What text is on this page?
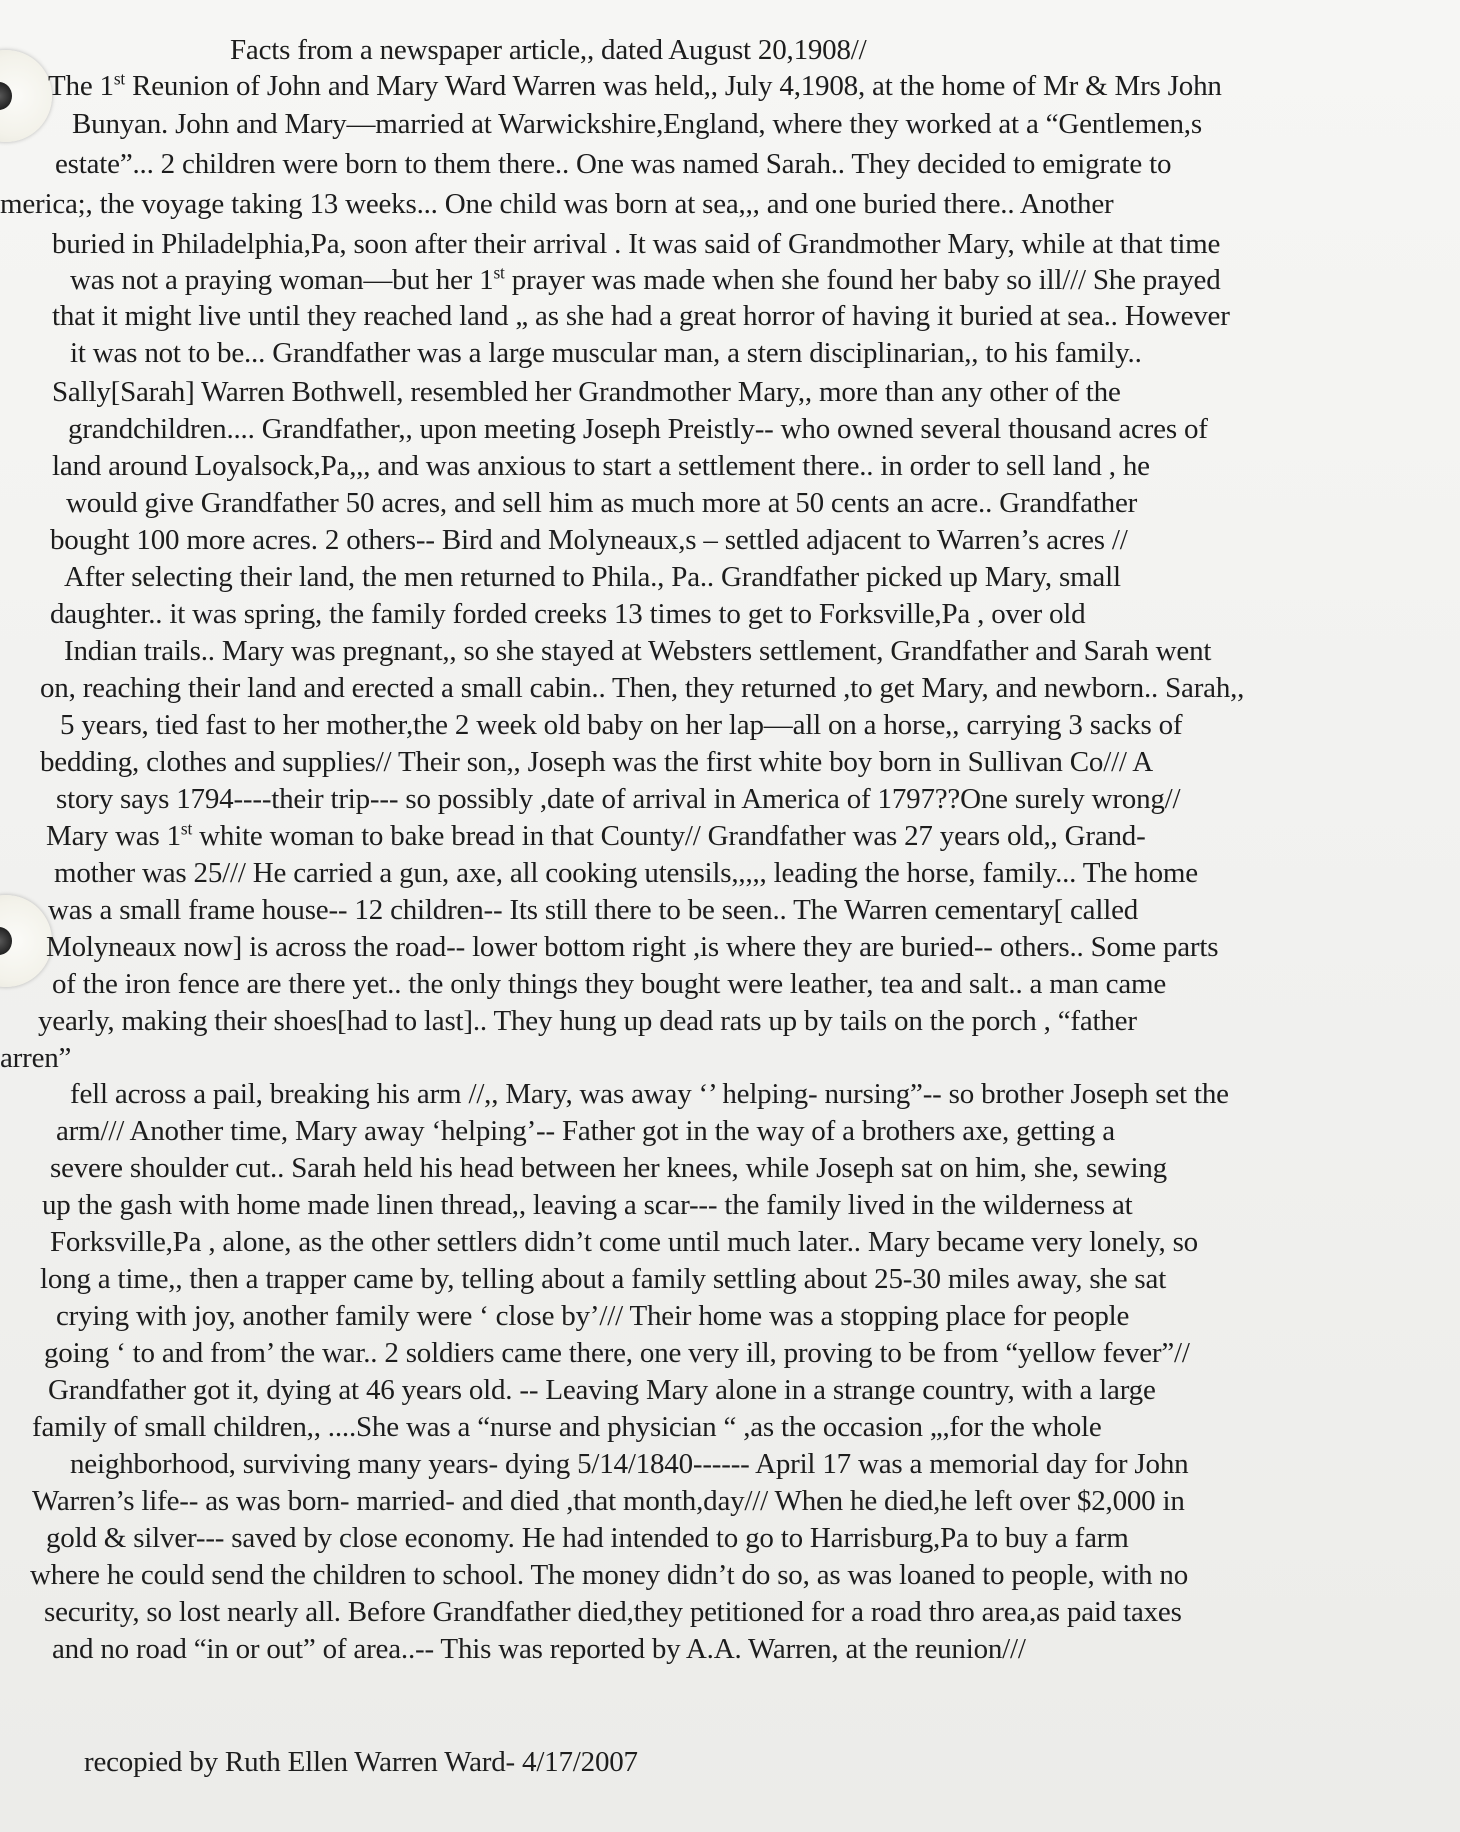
Facts from a newspaper article,, dated August 20,1908//
The 1st Reunion of John and Mary Ward Warren was held,, July 4,1908, at the home of Mr & Mrs John
Bunyan. John and Mary—married at Warwickshire,England, where they worked at a “Gentlemen,s
estate”... 2 children were born to them there.. One was named Sarah.. They decided to emigrate to
merica;, the voyage taking 13 weeks... One child was born at sea,,, and one buried there.. Another
buried in Philadelphia,Pa, soon after their arrival . It was said of Grandmother Mary, while at that time
was not a praying woman—but her 1st prayer was made when she found her baby so ill/// She prayed
that it might live until they reached land „ as she had a great horror of having it buried at sea.. However
it was not to be... Grandfather was a large muscular man, a stern disciplinarian,, to his family..
Sally[Sarah] Warren Bothwell, resembled her Grandmother Mary,, more than any other of the
grandchildren.... Grandfather,, upon meeting Joseph Preistly-- who owned several thousand acres of
land around Loyalsock,Pa,,, and was anxious to start a settlement there.. in order to sell land , he
would give Grandfather 50 acres, and sell him as much more at 50 cents an acre.. Grandfather
bought 100 more acres. 2 others-- Bird and Molyneaux,s – settled adjacent to Warren’s acres //
After selecting their land, the men returned to Phila., Pa.. Grandfather picked up Mary, small
daughter.. it was spring, the family forded creeks 13 times to get to Forksville,Pa , over old
Indian trails.. Mary was pregnant,, so she stayed at Websters settlement, Grandfather and Sarah went
on, reaching their land and erected a small cabin.. Then, they returned ,to get Mary, and newborn.. Sarah,,
5 years, tied fast to her mother,the 2 week old baby on her lap—all on a horse,, carrying 3 sacks of
bedding, clothes and supplies// Their son,, Joseph was the first white boy born in Sullivan Co/// A
story says 1794----their trip--- so possibly ,date of arrival in America of 1797??One surely wrong//
Mary was 1st white woman to bake bread in that County// Grandfather was 27 years old,, Grand-
mother was 25/// He carried a gun, axe, all cooking utensils,,,,, leading the horse, family... The home
was a small frame house-- 12 children-- Its still there to be seen.. The Warren cementary[ called
Molyneaux now] is across the road-- lower bottom right ,is where they are buried-- others.. Some parts
of the iron fence are there yet.. the only things they bought were leather, tea and salt.. a man came
yearly, making their shoes[had to last].. They hung up dead rats up by tails on the porch , “father
arren”
fell across a pail, breaking his arm //,, Mary, was away ‘’ helping- nursing”-- so brother Joseph set the
arm/// Another time, Mary away ‘helping’-- Father got in the way of a brothers axe, getting a
severe shoulder cut.. Sarah held his head between her knees, while Joseph sat on him, she, sewing
up the gash with home made linen thread,, leaving a scar--- the family lived in the wilderness at
Forksville,Pa , alone, as the other settlers didn’t come until much later.. Mary became very lonely, so
long a time,, then a trapper came by, telling about a family settling about 25-30 miles away, she sat
crying with joy, another family were ‘ close by’/// Their home was a stopping place for people
going ‘ to and from’ the war.. 2 soldiers came there, one very ill, proving to be from “yellow fever”//
Grandfather got it, dying at 46 years old. -- Leaving Mary alone in a strange country, with a large
family of small children,, ....She was a “nurse and physician “ ,as the occasion „,for the whole
neighborhood, surviving many years- dying 5/14/1840------ April 17 was a memorial day for John
Warren’s life-- as was born- married- and died ,that month,day/// When he died,he left over $2,000 in
gold & silver--- saved by close economy. He had intended to go to Harrisburg,Pa to buy a farm
where he could send the children to school. The money didn’t do so, as was loaned to people, with no
security, so lost nearly all. Before Grandfather died,they petitioned for a road thro area,as paid taxes
and no road “in or out” of area..-- This was reported by A.A. Warren, at the reunion///
recopied by Ruth Ellen Warren Ward- 4/17/2007
